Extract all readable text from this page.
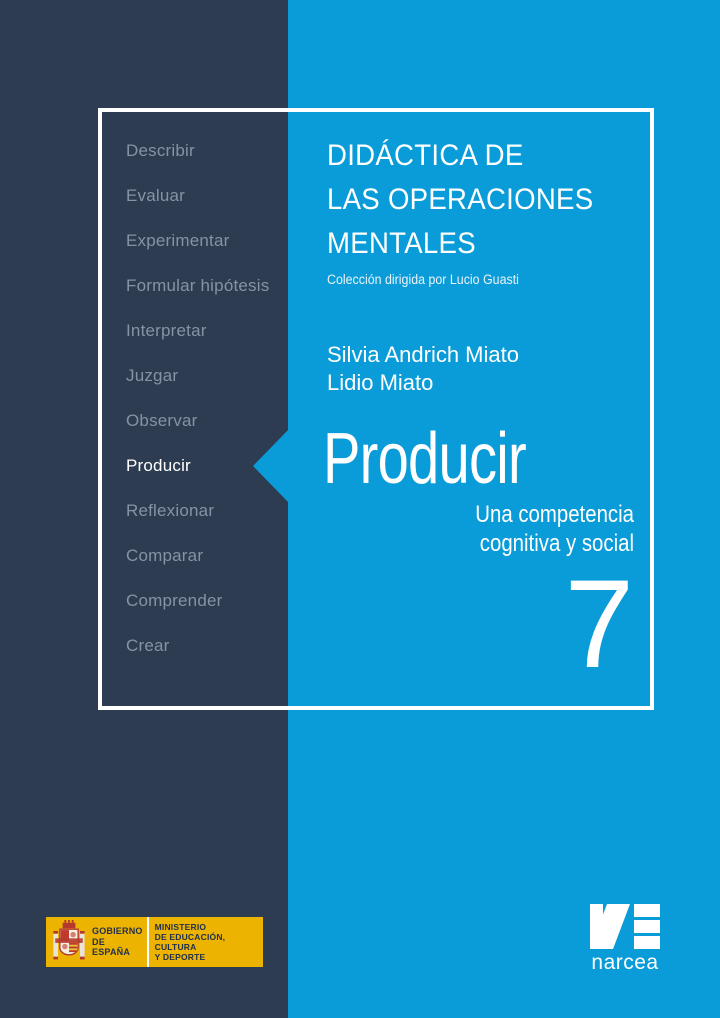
Describir
Evaluar
Experimentar
Formular hipótesis
Interpretar
Juzgar
Observar
Producir
Reflexionar
Comparar
Comprender
Crear
DIDÁCTICA DE
LAS OPERACIONES
MENTALES
Colección dirigida por Lucio Guasti
Silvia Andrich Miato
Lidio Miato
Producir
Una competencia
cognitiva y social
7
GOBIERNO
DE ESPAÑA
MINISTERIO
DE EDUCACIÓN, CULTURA
Y DEPORTE	narcea
